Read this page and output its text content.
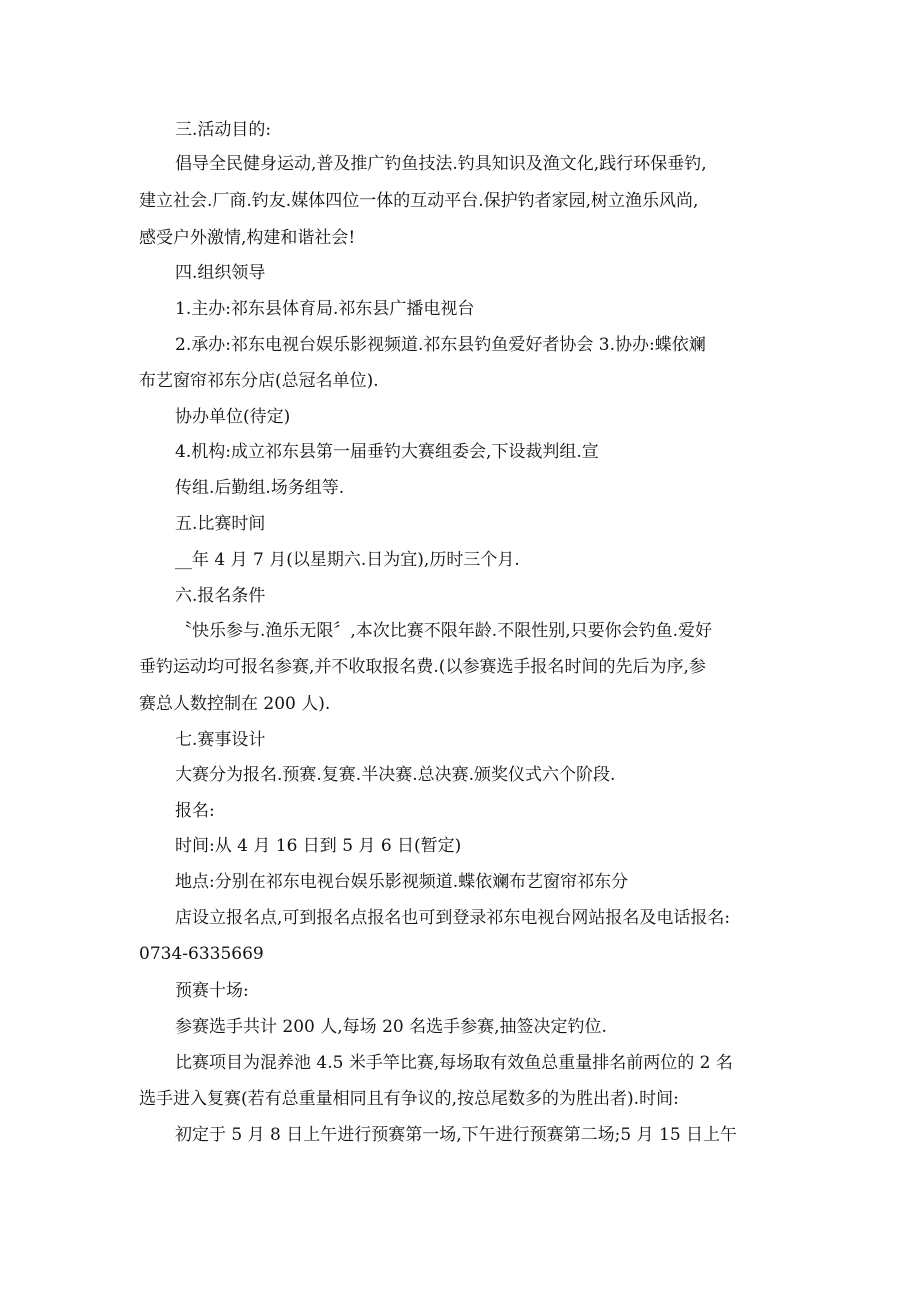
三.活动目的:
倡导全民健身运动,普及推广钓鱼技法.钓具知识及渔文化,践行环保垂钓,
建立社会.厂商.钓友.媒体四位一体的互动平台.保护钓者家园,树立渔乐风尚,
感受户外激情,构建和谐社会!
四.组织领导
1.主办:祁东县体育局.祁东县广播电视台
2.承办:祁东电视台娱乐影视频道.祁东县钓鱼爱好者协会 3.协办:蝶依斓
布艺窗帘祁东分店(总冠名单位).
协办单位(待定)
4.机构:成立祁东县第一届垂钓大赛组委会,下设裁判组.宣
传组.后勤组.场务组等.
五.比赛时间
__年 4 月 7 月(以星期六.日为宜),历时三个月.
六.报名条件
〝快乐参与.渔乐无限〞,本次比赛不限年龄.不限性别,只要你会钓鱼.爱好
垂钓运动均可报名参赛,并不收取报名费.(以参赛选手报名时间的先后为序,参
赛总人数控制在 200 人).
七.赛事设计
大赛分为报名.预赛.复赛.半决赛.总决赛.颁奖仪式六个阶段.
报名:
时间:从 4 月 16 日到 5 月 6 日(暂定)
地点:分别在祁东电视台娱乐影视频道.蝶依斓布艺窗帘祁东分
店设立报名点,可到报名点报名也可到登录祁东电视台网站报名及电话报名:
0734-6335669
预赛十场:
参赛选手共计 200 人,每场 20 名选手参赛,抽签决定钓位.
比赛项目为混养池 4.5 米手竿比赛,每场取有效鱼总重量排名前两位的 2 名
选手进入复赛(若有总重量相同且有争议的,按总尾数多的为胜出者).时间:
初定于 5 月 8 日上午进行预赛第一场,下午进行预赛第二场;5 月 15 日上午
